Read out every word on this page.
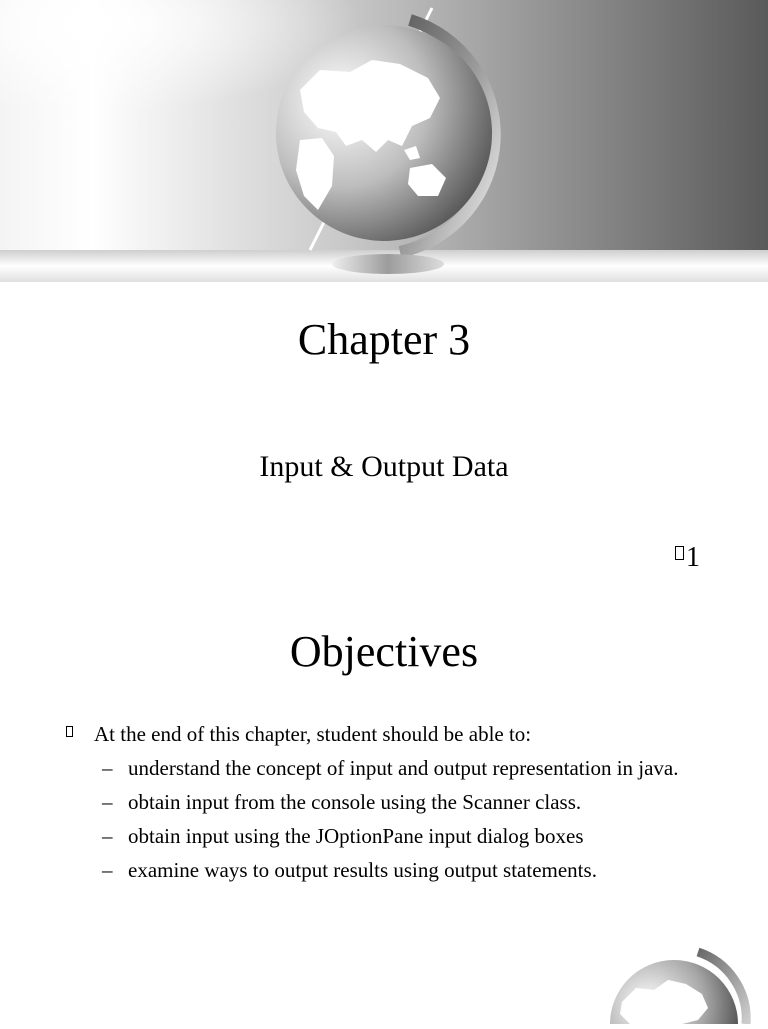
Chapter 3
Input & Output Data
1
Objectives
At the end of this chapter, student should be able to:
– understand the concept of input and output representation in java.
– obtain input from the console using the Scanner class.
– obtain input using the JOptionPane input dialog boxes
– examine ways to output results using output statements.
